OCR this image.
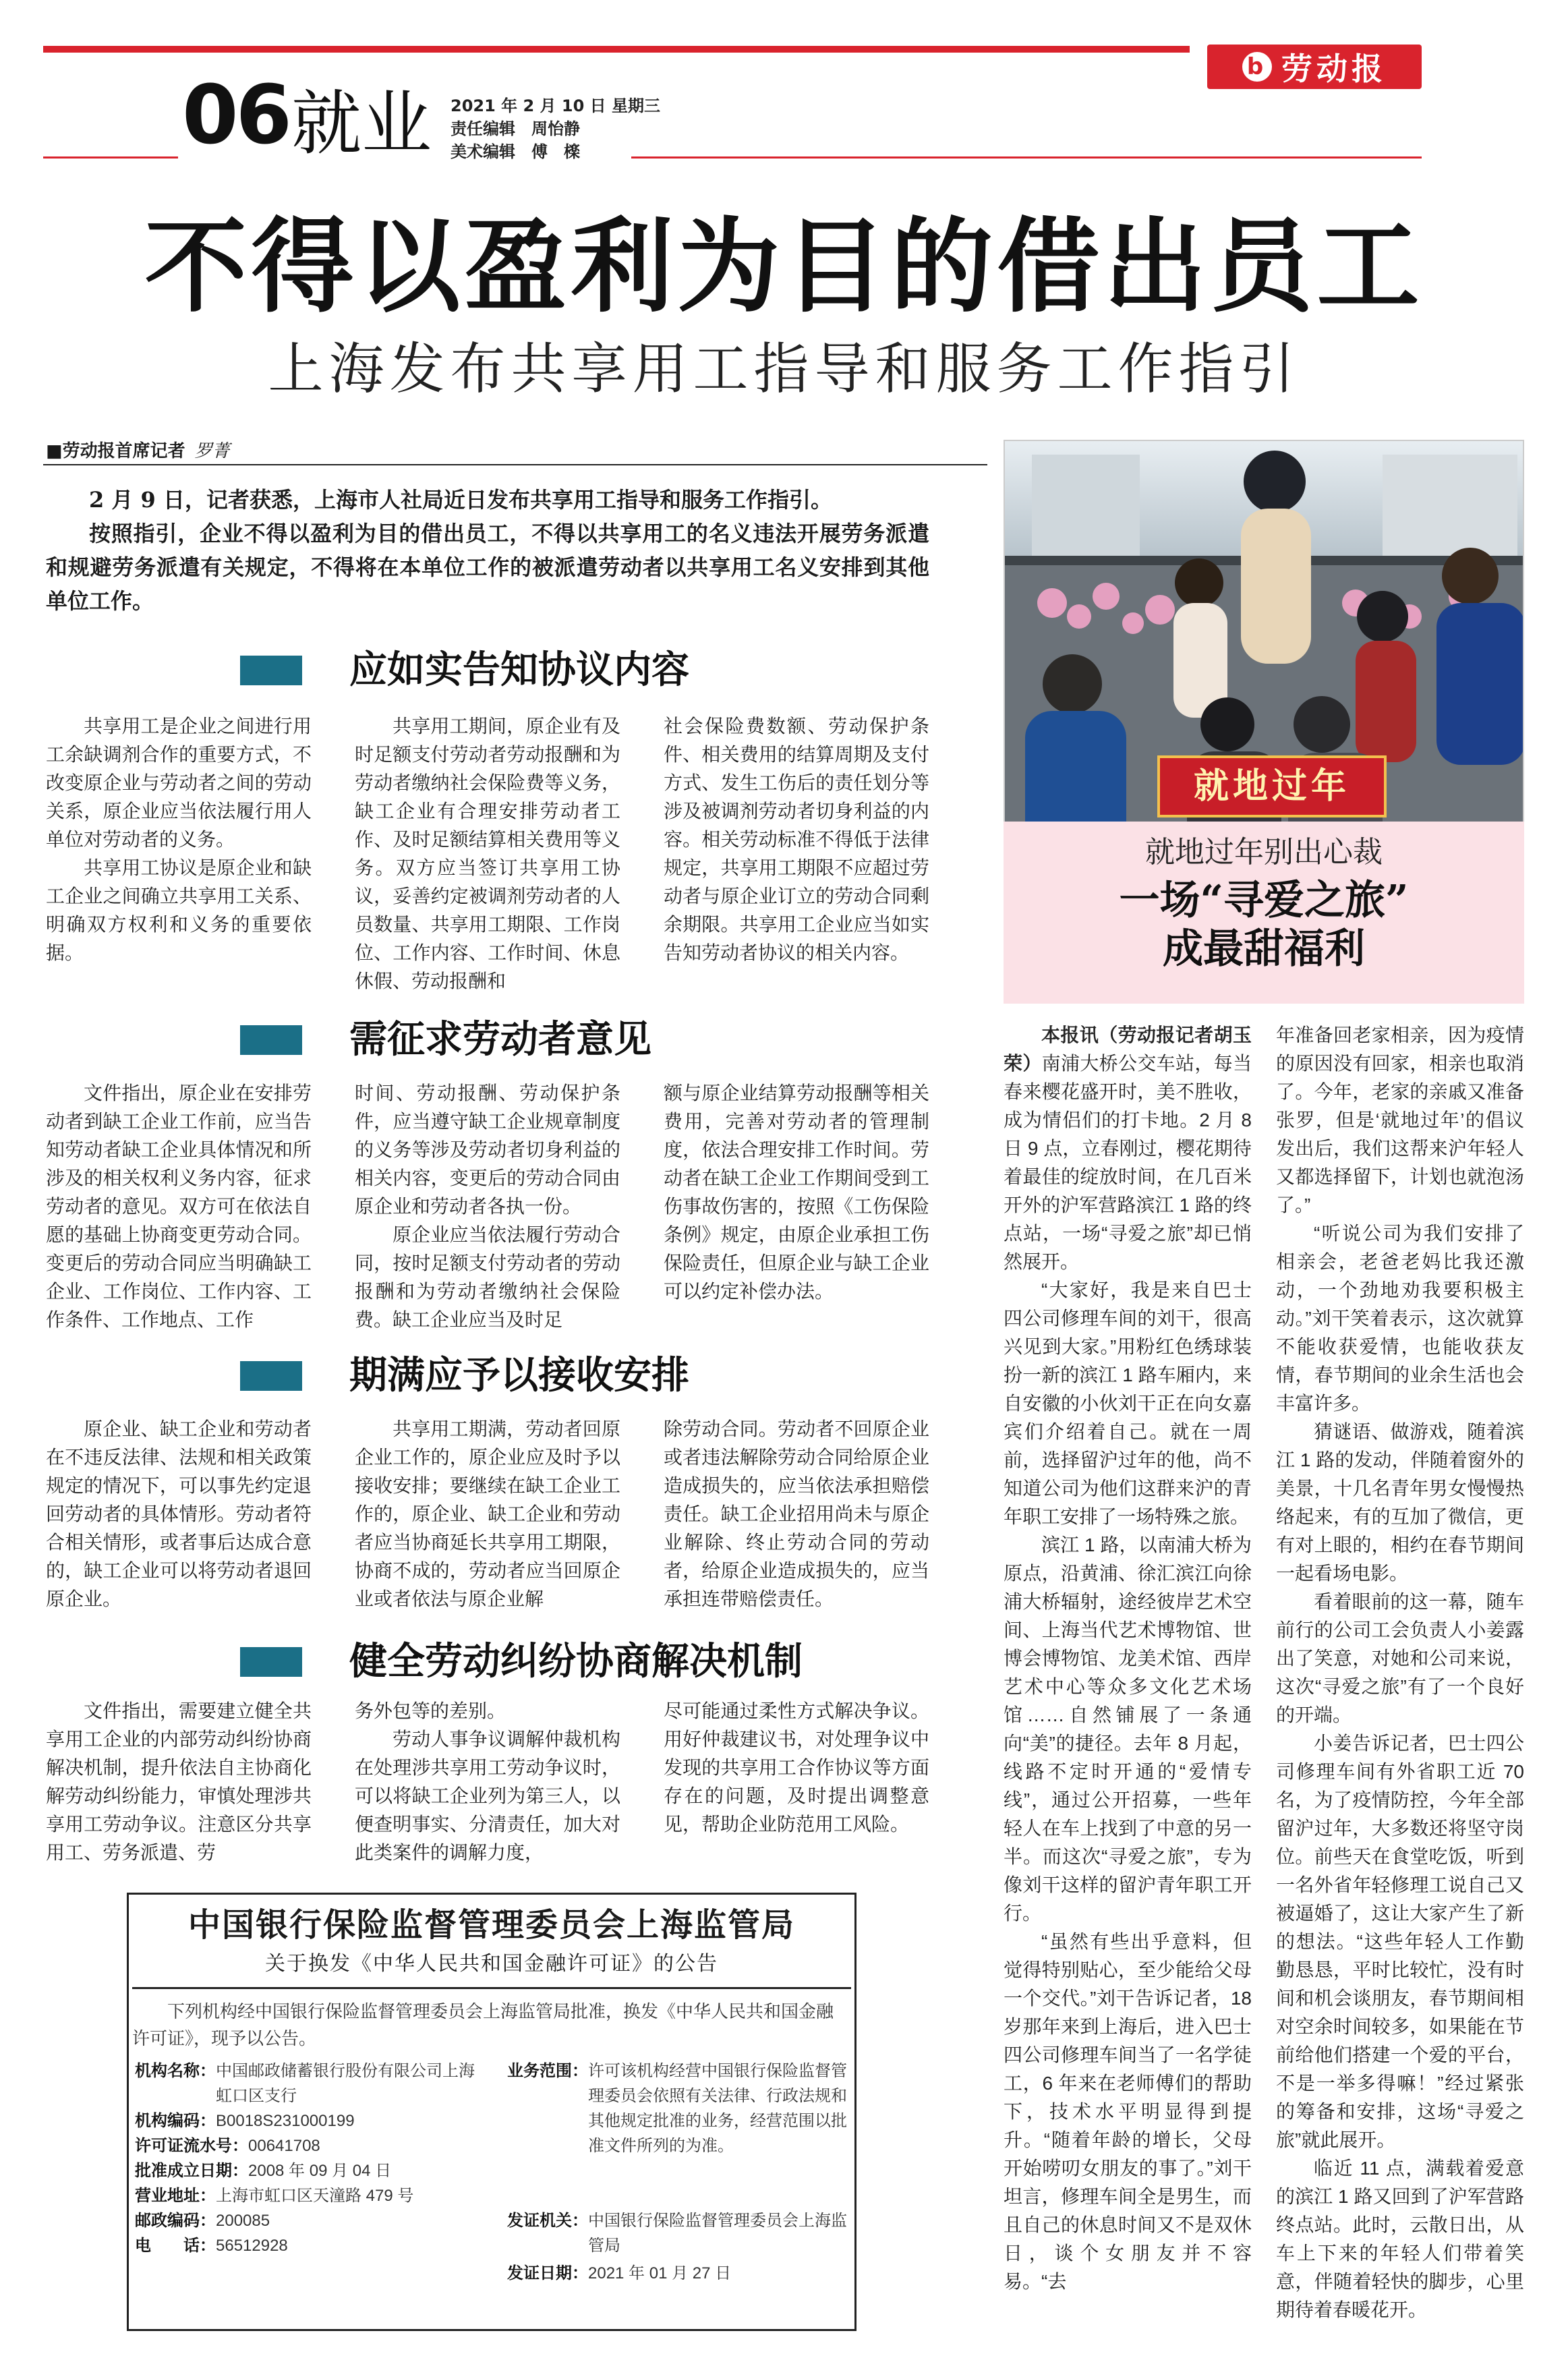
b 劳动报
06 就业 2021 年 2 月 10 日 星期三
责任编辑　周怡静
美术编辑　傅　檪
不得以盈利为目的借出员工
上海发布共享用工指导和服务工作指引
■劳动报首席记者 罗菁

2 月 9 日，记者获悉，上海市人社局近日发布共享用工指导和服务工作指引。

按照指引，企业不得以盈利为目的借出员工，不得以共享用工的名义违法开展劳务派遣和规避劳务派遣有关规定，不得将在本单位工作的被派遣劳动者以共享用工名义安排到其他单位工作。

应如实告知协议内容

共享用工是企业之间进行用工余缺调剂合作的重要方式，不改变原企业与劳动者之间的劳动关系，原企业应当依法履行用人单位对劳动者的义务。

共享用工协议是原企业和缺工企业之间确立共享用工关系、明确双方权利和义务的重要依据。

共享用工期间，原企业有及时足额支付劳动者劳动报酬和为劳动者缴纳社会保险费等义务，缺工企业有合理安排劳动者工作、及时足额结算相关费用等义务。双方应当签订共享用工协议，妥善约定被调剂劳动者的人员数量、共享用工期限、工作岗位、工作内容、工作时间、休息休假、劳动报酬和

社会保险费数额、劳动保护条件、相关费用的结算周期及支付方式、发生工伤后的责任划分等涉及被调剂劳动者切身利益的内容。相关劳动标准不得低于法律规定，共享用工期限不应超过劳动者与原企业订立的劳动合同剩余期限。共享用工企业应当如实告知劳动者协议的相关内容。

需征求劳动者意见

文件指出，原企业在安排劳动者到缺工企业工作前，应当告知劳动者缺工企业具体情况和所涉及的相关权利义务内容，征求劳动者的意见。双方可在依法自愿的基础上协商变更劳动合同。变更后的劳动合同应当明确缺工企业、工作岗位、工作内容、工作条件、工作地点、工作

时间、劳动报酬、劳动保护条件，应当遵守缺工企业规章制度的义务等涉及劳动者切身利益的相关内容，变更后的劳动合同由原企业和劳动者各执一份。

原企业应当依法履行劳动合同，按时足额支付劳动者的劳动报酬和为劳动者缴纳社会保险费。缺工企业应当及时足

额与原企业结算劳动报酬等相关费用，完善对劳动者的管理制度，依法合理安排工作时间。劳动者在缺工企业工作期间受到工伤事故伤害的，按照《工伤保险条例》规定，由原企业承担工伤保险责任，但原企业与缺工企业可以约定补偿办法。

期满应予以接收安排

原企业、缺工企业和劳动者在不违反法律、法规和相关政策规定的情况下，可以事先约定退回劳动者的具体情形。劳动者符合相关情形，或者事后达成合意的，缺工企业可以将劳动者退回原企业。

共享用工期满，劳动者回原企业工作的，原企业应及时予以接收安排；要继续在缺工企业工作的，原企业、缺工企业和劳动者应当协商延长共享用工期限，协商不成的，劳动者应当回原企业或者依法与原企业解

除劳动合同。劳动者不回原企业或者违法解除劳动合同给原企业造成损失的，应当依法承担赔偿责任。缺工企业招用尚未与原企业解除、终止劳动合同的劳动者，给原企业造成损失的，应当承担连带赔偿责任。

健全劳动纠纷协商解决机制

文件指出，需要建立健全共享用工企业的内部劳动纠纷协商解决机制，提升依法自主协商化解劳动纠纷能力，审慎处理涉共享用工劳动争议。注意区分共享用工、劳务派遣、劳

务外包等的差别。

劳动人事争议调解仲裁机构在处理涉共享用工劳动争议时，可以将缺工企业列为第三人，以便查明事实、分清责任，加大对此类案件的调解力度，

尽可能通过柔性方式解决争议。用好仲裁建议书，对处理争议中发现的共享用工合作协议等方面存在的问题，及时提出调整意见，帮助企业防范用工风险。

就地过年
就地过年别出心裁
一场“寻爱之旅”
成最甜福利

本报讯（劳动报记者胡玉荣）南浦大桥公交车站，每当春来樱花盛开时，美不胜收，成为情侣们的打卡地。2 月 8 日 9 点，立春刚过，樱花期待着最佳的绽放时间，在几百米开外的沪军营路滨江 1 路的终点站，一场“寻爱之旅”却已悄然展开。

“大家好，我是来自巴士四公司修理车间的刘干，很高兴见到大家。”用粉红色绣球装扮一新的滨江 1 路车厢内，来自安徽的小伙刘干正在向女嘉宾们介绍着自己。就在一周前，选择留沪过年的他，尚不知道公司为他们这群来沪的青年职工安排了一场特殊之旅。

滨江 1 路，以南浦大桥为原点，沿黄浦、徐汇滨江向徐浦大桥辐射，途经彼岸艺术空间、上海当代艺术博物馆、世博会博物馆、龙美术馆、西岸艺术中心等众多文化艺术场馆……自然铺展了一条通向“美”的捷径。去年 8 月起，线路不定时开通的“爱情专线”，通过公开招募，一些年轻人在车上找到了中意的另一半。而这次“寻爱之旅”，专为像刘干这样的留沪青年职工开行。

“虽然有些出乎意料，但觉得特别贴心，至少能给父母一个交代。”刘干告诉记者，18 岁那年来到上海后，进入巴士四公司修理车间当了一名学徒工，6 年来在老师傅们的帮助下，技术水平明显得到提升。“随着年龄的增长，父母开始唠叨女朋友的事了。”刘干坦言，修理车间全是男生，而且自己的休息时间又不是双休日，谈个女朋友并不容易。“去

年准备回老家相亲，因为疫情的原因没有回家，相亲也取消了。今年，老家的亲戚又准备张罗，但是‘就地过年’的倡议发出后，我们这帮来沪年轻人又都选择留下，计划也就泡汤了。”

“听说公司为我们安排了相亲会，老爸老妈比我还激动，一个劲地劝我要积极主动。”刘干笑着表示，这次就算不能收获爱情，也能收获友情，春节期间的业余生活也会丰富许多。

猜谜语、做游戏，随着滨江 1 路的发动，伴随着窗外的美景，十几名青年男女慢慢热络起来，有的互加了微信，更有对上眼的，相约在春节期间一起看场电影。

看着眼前的这一幕，随车前行的公司工会负责人小姜露出了笑意，对她和公司来说，这次“寻爱之旅”有了一个良好的开端。

小姜告诉记者，巴士四公司修理车间有外省职工近 70 名，为了疫情防控，今年全部留沪过年，大多数还将坚守岗位。前些天在食堂吃饭，听到一名外省年轻修理工说自己又被逼婚了，这让大家产生了新的想法。“这些年轻人工作勤勤恳恳，平时比较忙，没有时间和机会谈朋友，春节期间相对空余时间较多，如果能在节前给他们搭建一个爱的平台，不是一举多得嘛！”经过紧张的筹备和安排，这场“寻爱之旅”就此展开。

临近 11 点，满载着爱意的滨江 1 路又回到了沪军营路终点站。此时，云散日出，从车上下来的年轻人们带着笑意，伴随着轻快的脚步，心里期待着春暖花开。

中国银行保险监督管理委员会上海监管局
关于换发《中华人民共和国金融许可证》的公告
下列机构经中国银行保险监督管理委员会上海监管局批准，换发《中华人民共和国金融许可证》，现予以公告。
机构名称： 中国邮政储蓄银行股份有限公司上海虹口区支行
机构编码： B0018S231000199
许可证流水号： 00641708
批准成立日期： 2008 年 09 月 04 日
营业地址： 上海市虹口区天潼路 479 号
邮政编码： 200085
电　　话： 56512928
业务范围： 许可该机构经营中国银行保险监督管理委员会依照有关法律、行政法规和其他规定批准的业务，经营范围以批准文件所列的为准。
发证机关： 中国银行保险监督管理委员会上海监管局
发证日期： 2021 年 01 月 27 日
